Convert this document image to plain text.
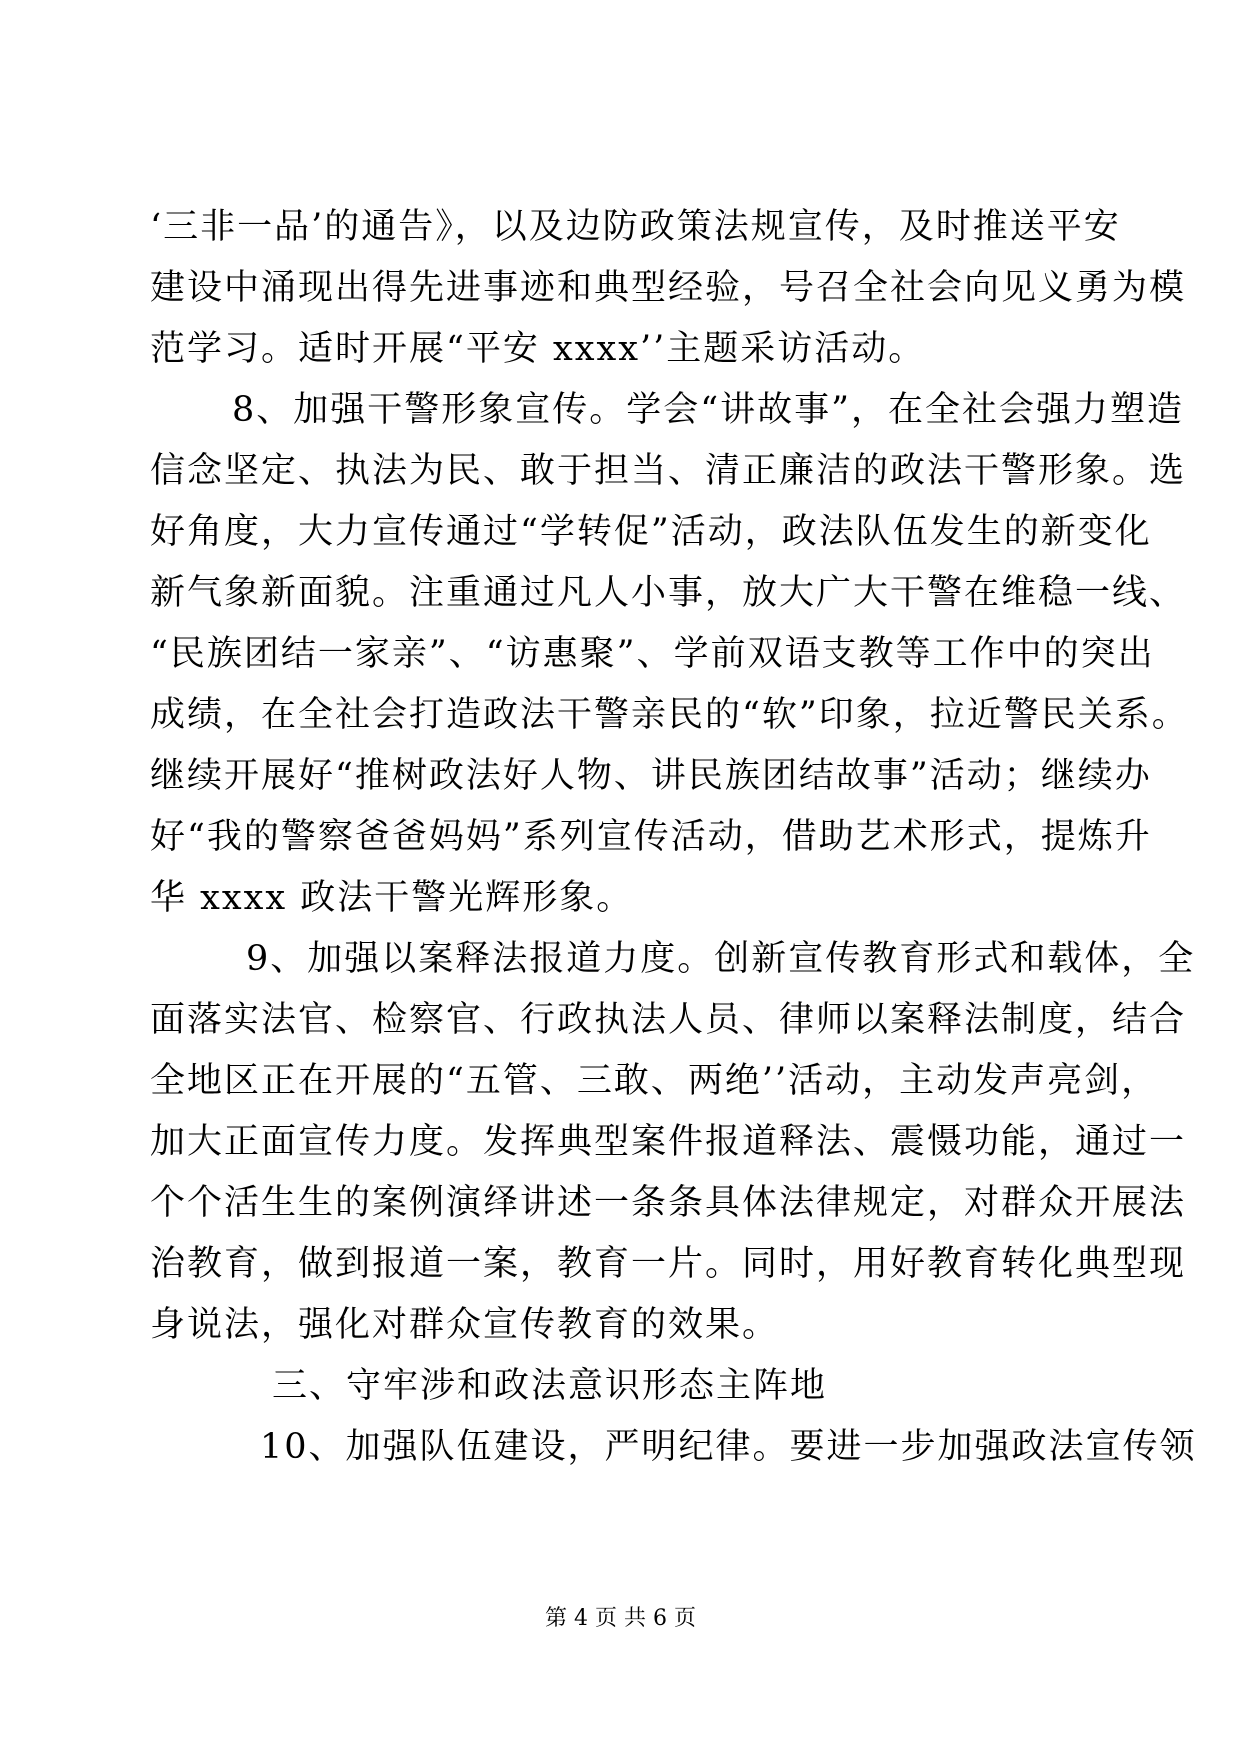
‘三非一品’的通告》，以及边防政策法规宣传，及时推送平安
建设中涌现出得先进事迹和典型经验，号召全社会向见义勇为模
范学习。适时开展“平安 xxxx’’主题采访活动。
8、加强干警形象宣传。学会“讲故事”，在全社会强力塑造
信念坚定、执法为民、敢于担当、清正廉洁的政法干警形象。选
好角度，大力宣传通过“学转促”活动，政法队伍发生的新变化
新气象新面貌。注重通过凡人小事，放大广大干警在维稳一线、
“民族团结一家亲”、“访惠聚”、学前双语支教等工作中的突出
成绩，在全社会打造政法干警亲民的“软”印象，拉近警民关系。
继续开展好“推树政法好人物、讲民族团结故事”活动；继续办
好“我的警察爸爸妈妈”系列宣传活动，借助艺术形式，提炼升
华 xxxx 政法干警光辉形象。
9、加强以案释法报道力度。创新宣传教育形式和载体，全
面落实法官、检察官、行政执法人员、律师以案释法制度，结合
全地区正在开展的“五管、三敢、两绝’’活动，主动发声亮剑，
加大正面宣传力度。发挥典型案件报道释法、震慑功能，通过一
个个活生生的案例演绎讲述一条条具体法律规定，对群众开展法
治教育，做到报道一案，教育一片。同时，用好教育转化典型现
身说法，强化对群众宣传教育的效果。
三、守牢涉和政法意识形态主阵地
10、加强队伍建设，严明纪律。要进一步加强政法宣传领
第 4 页 共 6 页
